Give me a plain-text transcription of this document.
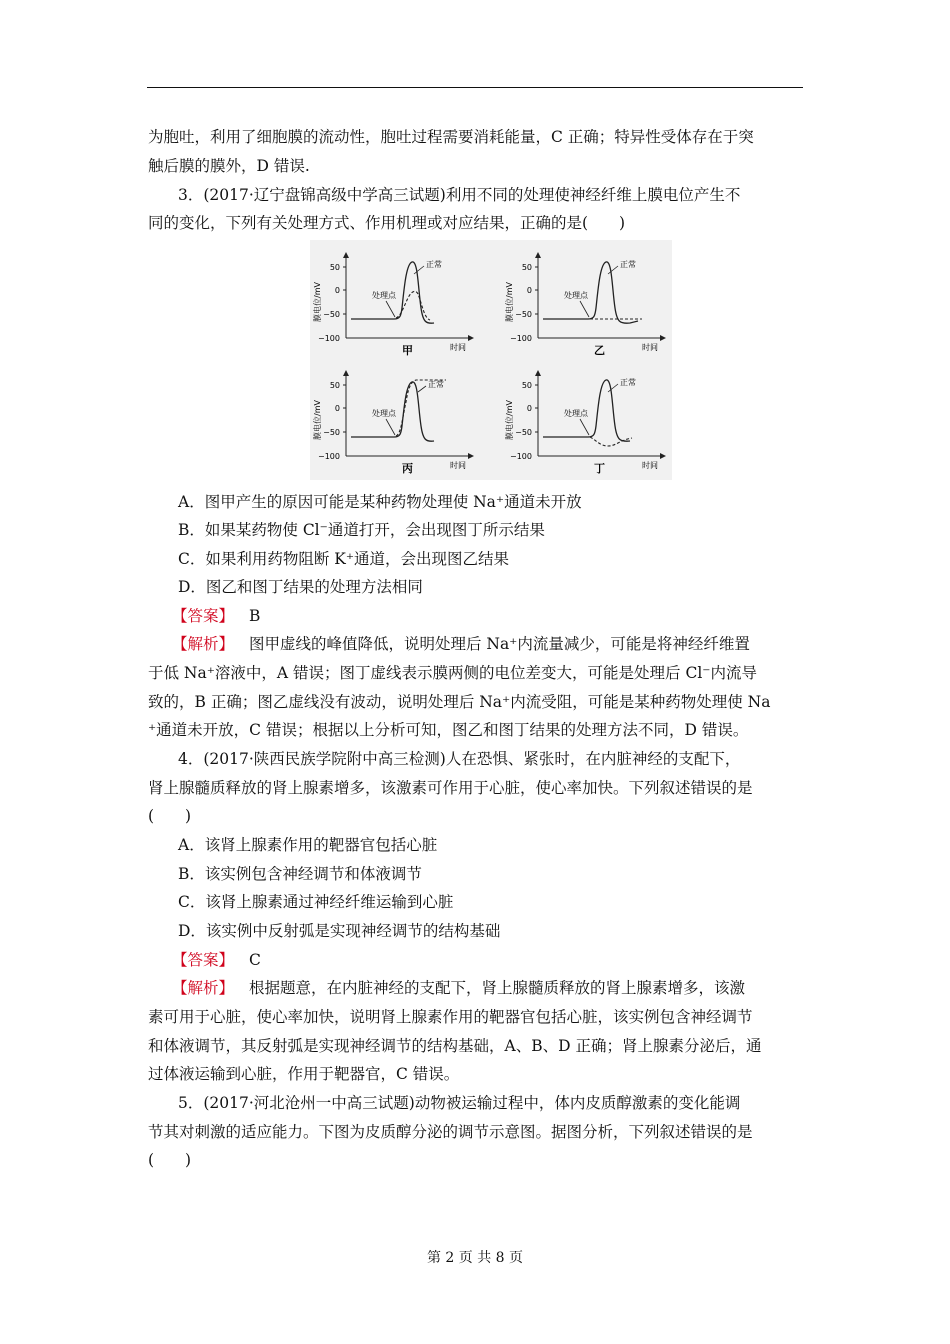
为胞吐，利用了细胞膜的流动性，胞吐过程需要消耗能量，C 正确；特异性受体存在于突
触后膜的膜外，D 错误.
3．(2017·辽宁盘锦高级中学高三试题)利用不同的处理使神经纤维上膜电位产生不
同的变化，下列有关处理方式、作用机理或对应结果，正确的是(　　)
50
0
−50
−100
膜电位/mV
时间
甲
正常
处理点
50
0
−50
−100
膜电位/mV
时间
乙
正常
处理点
50
0
−50
−100
膜电位/mV
时间
丙
正常
处理点
50
0
−50
−100
膜电位/mV
时间
丁
正常
处理点
A．图甲产生的原因可能是某种药物处理使 Na⁺通道未开放
B．如果某药物使 Cl⁻通道打开，会出现图丁所示结果
C．如果利用药物阻断 K⁺通道，会出现图乙结果
D．图乙和图丁结果的处理方法相同
【答案】 B
【解析】 图甲虚线的峰值降低，说明处理后 Na⁺内流量减少，可能是将神经纤维置
于低 Na⁺溶液中，A 错误；图丁虚线表示膜两侧的电位差变大，可能是处理后 Cl⁻内流导
致的，B 正确；图乙虚线没有波动，说明处理后 Na⁺内流受阻，可能是某种药物处理使 Na
⁺通道未开放，C 错误；根据以上分析可知，图乙和图丁结果的处理方法不同，D 错误。
4．(2017·陕西民族学院附中高三检测)人在恐惧、紧张时，在内脏神经的支配下，
肾上腺髓质释放的肾上腺素增多，该激素可作用于心脏，使心率加快。下列叙述错误的是
(　　)
A．该肾上腺素作用的靶器官包括心脏
B．该实例包含神经调节和体液调节
C．该肾上腺素通过神经纤维运输到心脏
D．该实例中反射弧是实现神经调节的结构基础
【答案】 C
【解析】 根据题意，在内脏神经的支配下，肾上腺髓质释放的肾上腺素增多，该激
素可用于心脏，使心率加快，说明肾上腺素作用的靶器官包括心脏，该实例包含神经调节
和体液调节，其反射弧是实现神经调节的结构基础，A、B、D 正确；肾上腺素分泌后，通
过体液运输到心脏，作用于靶器官，C 错误。
5．(2017·河北沧州一中高三试题)动物被运输过程中，体内皮质醇激素的变化能调
节其对刺激的适应能力。下图为皮质醇分泌的调节示意图。据图分析，下列叙述错误的是
(　　)
第 2 页 共 8 页
